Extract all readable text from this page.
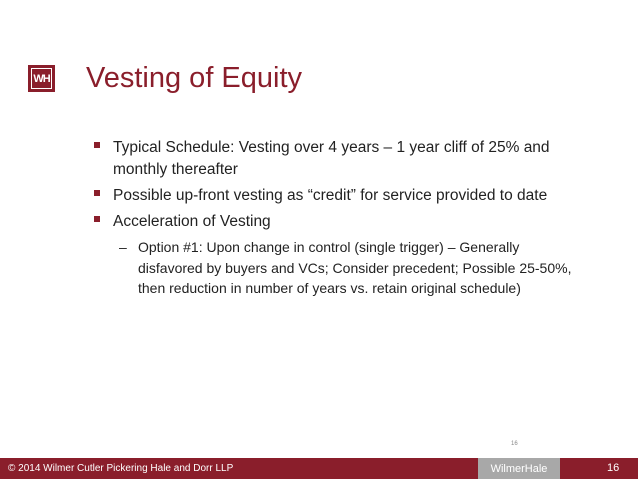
WH Vesting of Equity
Typical Schedule: Vesting over 4 years – 1 year cliff of 25% and monthly thereafter
Possible up-front vesting as “credit” for service provided to date
Acceleration of Vesting
– Option #1: Upon change in control (single trigger) – Generally disfavored by buyers and VCs; Consider precedent; Possible 25-50%, then reduction in number of years vs. retain original schedule)
16
© 2014 Wilmer Cutler Pickering Hale and Dorr LLP	WilmerHale	16
